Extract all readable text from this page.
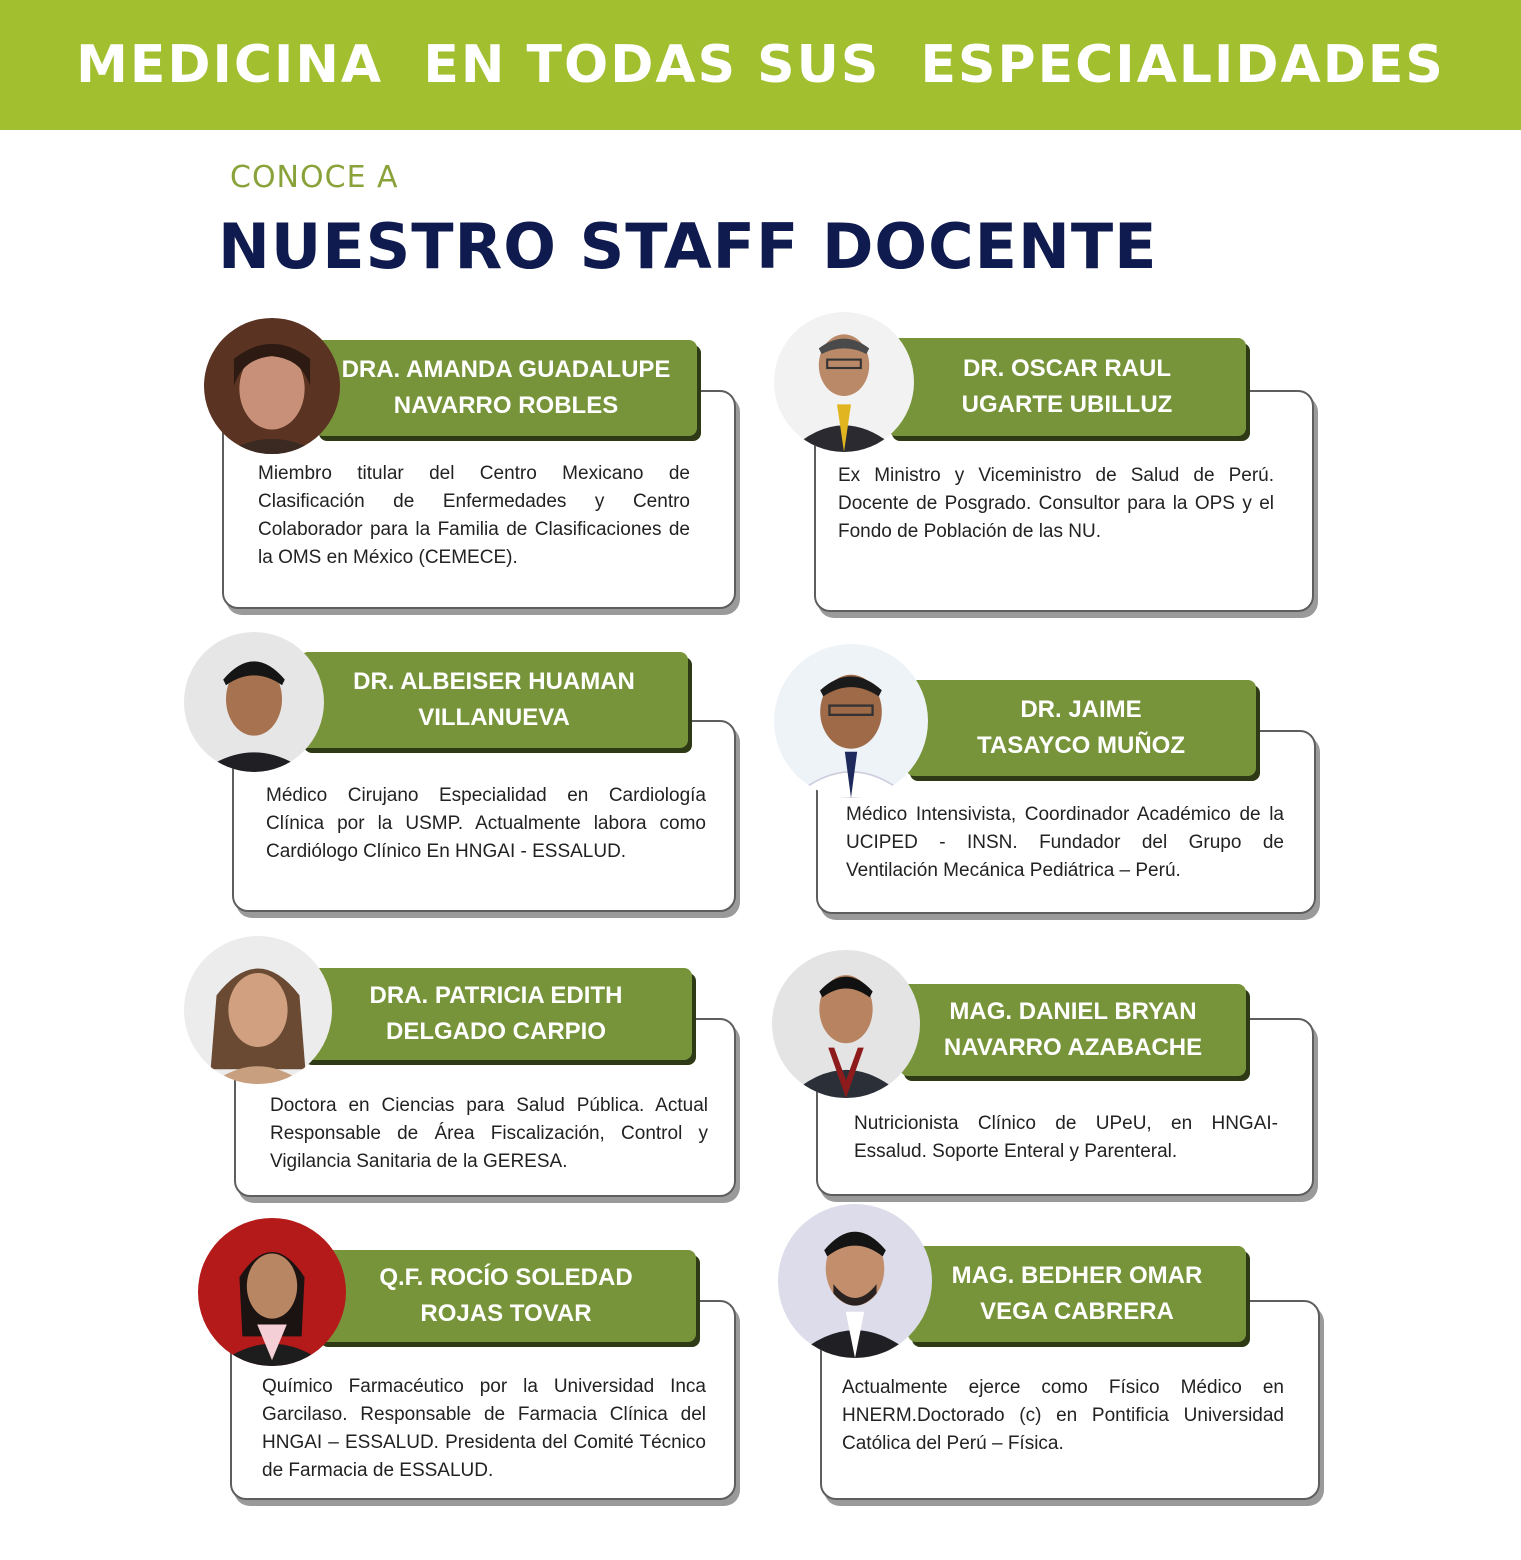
MEDICINA  EN TODAS SUS  ESPECIALIDADES
CONOCE A
NUESTRO STAFF DOCENTE
DRA. AMANDA GUADALUPE
NAVARRO ROBLES
Miembro titular del Centro Mexicano de Clasificación de Enfermedades y Centro Colaborador para la Familia de Clasificaciones de la OMS en México (CEMECE).
DR. OSCAR RAUL
UGARTE UBILLUZ
Ex Ministro y Viceministro de Salud de Perú. Docente de Posgrado. Consultor para la OPS y el Fondo de Población de las NU.
DR. ALBEISER HUAMAN
VILLANUEVA
Médico Cirujano Especialidad en Cardiología Clínica por la USMP. Actualmente labora como Cardiólogo Clínico En HNGAI - ESSALUD.
DR. JAIME
TASAYCO MUÑOZ
Médico Intensivista, Coordinador Académico de la UCIPED - INSN. Fundador del Grupo de Ventilación Mecánica Pediátrica – Perú.
DRA. PATRICIA EDITH
DELGADO CARPIO
Doctora en Ciencias para Salud Pública. Actual Responsable de Área Fiscalización, Control y Vigilancia Sanitaria de la GERESA.
MAG. DANIEL BRYAN
NAVARRO AZABACHE
Nutricionista Clínico de UPeU, en HNGAI-Essalud. Soporte Enteral y Parenteral.
Q.F. ROCÍO SOLEDAD
ROJAS TOVAR
Químico Farmacéutico por la Universidad Inca Garcilaso. Responsable de Farmacia Clínica del HNGAI – ESSALUD. Presidenta del Comité Técnico de Farmacia de ESSALUD.
MAG. BEDHER OMAR
VEGA CABRERA
Actualmente ejerce como Físico Médico en HNERM.Doctorado (c) en Pontificia Universidad Católica del Perú – Física.
